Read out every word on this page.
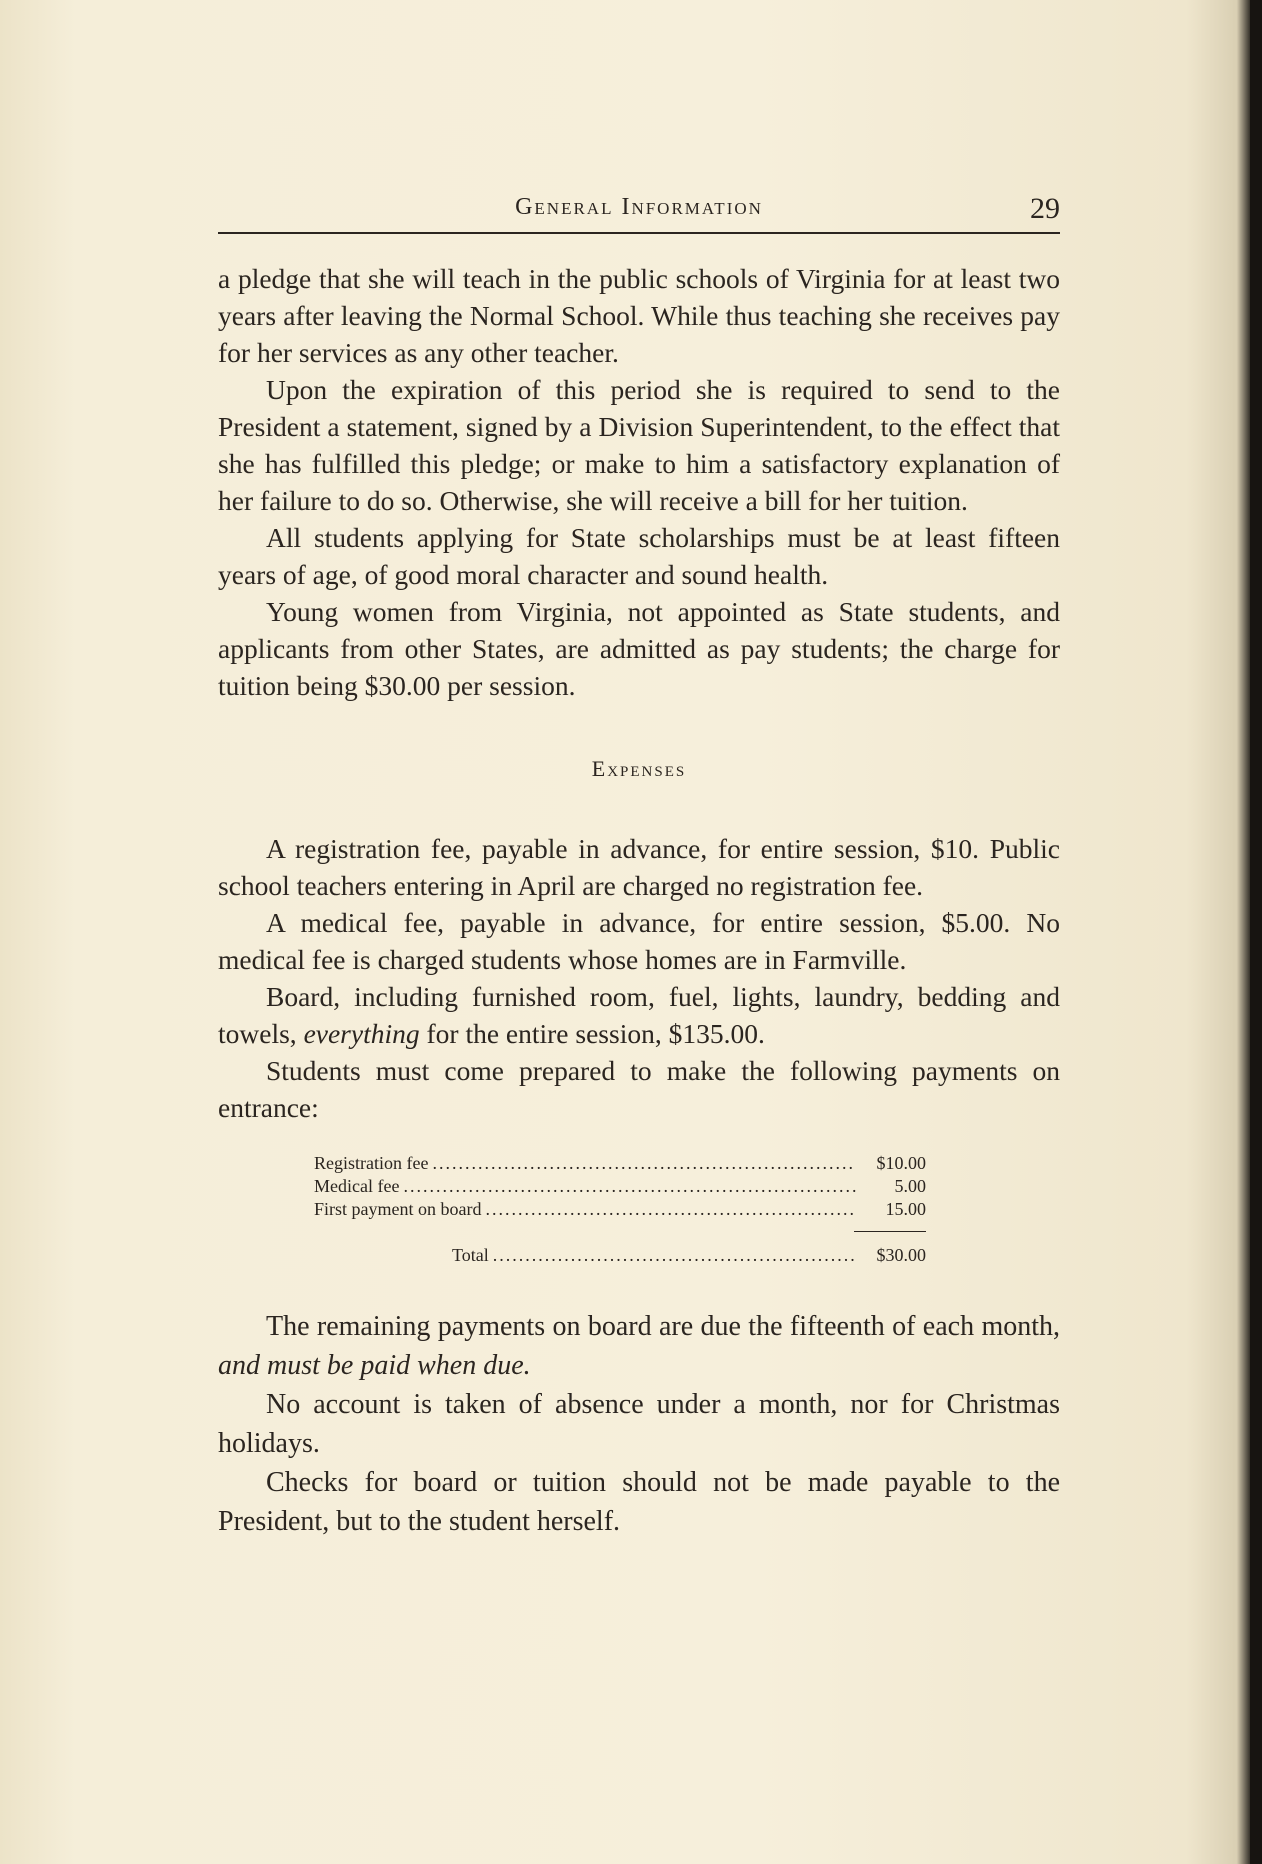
General Information	29

a pledge that she will teach in the public schools of Virginia for at least two years after leaving the Normal School. While thus teaching she receives pay for her services as any other teacher.

Upon the expiration of this period she is required to send to the President a statement, signed by a Division Superintendent, to the effect that she has fulfilled this pledge; or make to him a satisfactory explanation of her failure to do so. Otherwise, she will receive a bill for her tuition.

All students applying for State scholarships must be at least fifteen years of age, of good moral character and sound health.

Young women from Virginia, not appointed as State students, and applicants from other States, are admitted as pay students; the charge for tuition being $30.00 per session.

Expenses

A registration fee, payable in advance, for entire session, $10. Public school teachers entering in April are charged no registration fee.

A medical fee, payable in advance, for entire session, $5.00. No medical fee is charged students whose homes are in Farmville.

Board, including furnished room, fuel, lights, laundry, bedding and towels, everything for the entire session, $135.00.

Students must come prepared to make the following payments on entrance:

Registration fee .....	$10.00
Medical fee .....	5.00
First payment on board .....	15.00
Total .....	$30.00

The remaining payments on board are due the fifteenth of each month, and must be paid when due.

No account is taken of absence under a month, nor for Christmas holidays.

Checks for board or tuition should not be made payable to the President, but to the student herself.
